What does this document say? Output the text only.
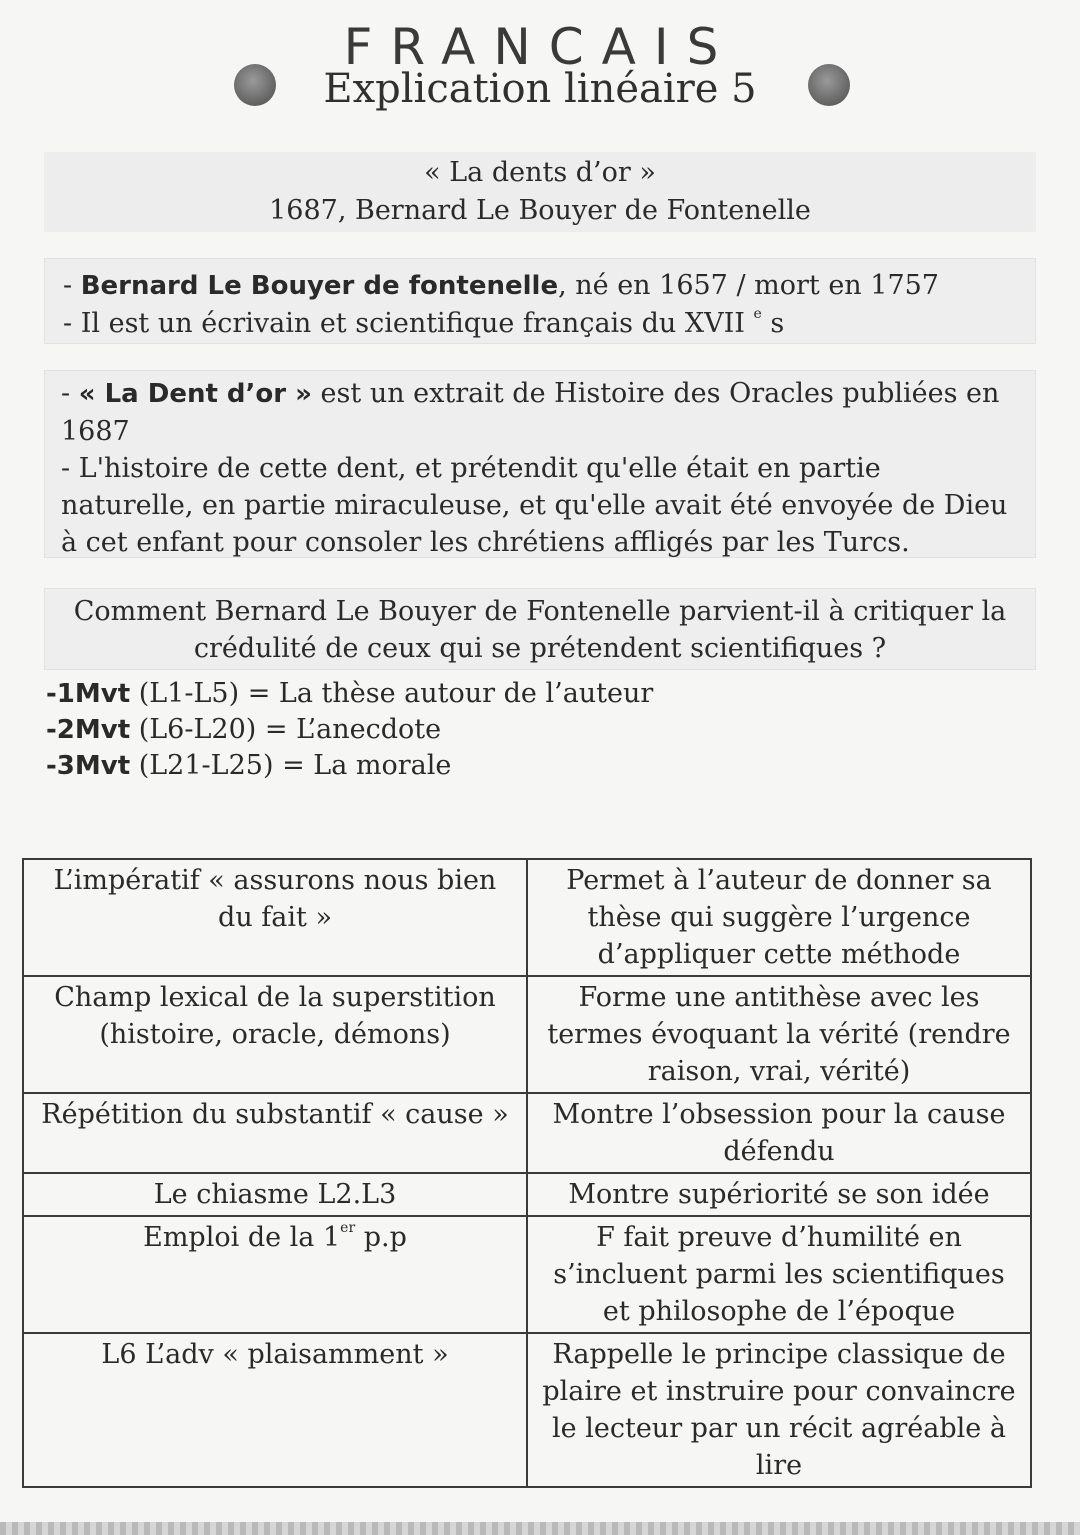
FRANCAIS
Explication linéaire 5
« La dents d’or »
1687, Bernard Le Bouyer de Fontenelle
- Bernard Le Bouyer de fontenelle, né en 1657 / mort en 1757
- Il est un écrivain et scientifique français du XVII $^e$ s
- « La Dent d’or » est un extrait de Histoire des Oracles publiées en 1687
- L'histoire de cette dent, et prétendit qu'elle était en partie naturelle, en partie miraculeuse, et qu'elle avait été envoyée de Dieu à cet enfant pour consoler les chrétiens affligés par les Turcs.
Comment Bernard Le Bouyer de Fontenelle parvient-il à critiquer la crédulité de ceux qui se prétendent scientifiques ?
-1Mvt (L1-L5) = La thèse autour de l’auteur
-2Mvt (L6-L20) = L’anecdote
-3Mvt (L21-L25) = La morale
L’impératif « assurons nous bien du fait »	Permet à l’auteur de donner sa thèse qui suggère l’urgence d’appliquer cette méthode
Champ lexical de la superstition (histoire, oracle, démons)	Forme une antithèse avec les termes évoquant la vérité (rendre raison, vrai, vérité)
Répétition du substantif « cause »	Montre l’obsession pour la cause défendu
Le chiasme L2.L3	Montre supériorité se son idée
Emploi de la 1er p.p	F fait preuve d’humilité en s’incluent parmi les scientifiques et philosophe de l’époque
L6 L’adv « plaisamment »	Rappelle le principe classique de plaire et instruire pour convaincre le lecteur par un récit agréable à lire
